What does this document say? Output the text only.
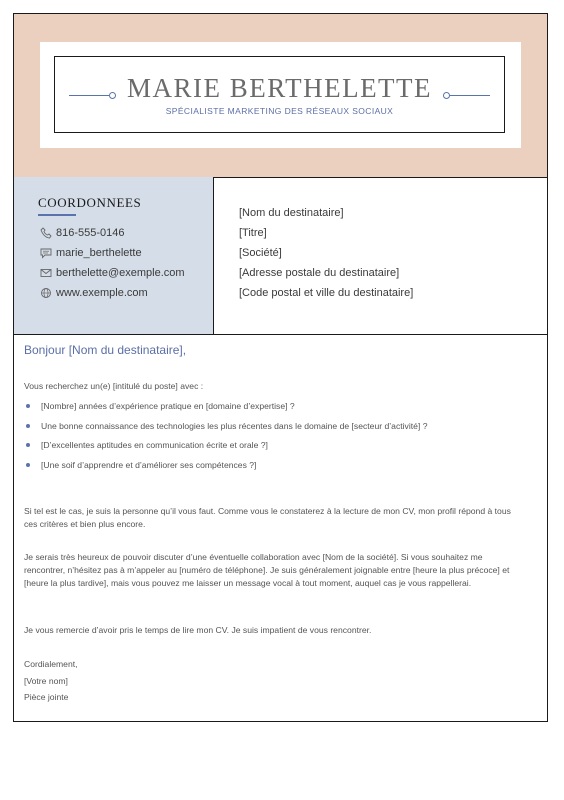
MARIE BERTHELETTE
SPÉCIALISTE MARKETING DES RÉSEAUX SOCIAUX
COORDONNEES
816-555-0146
marie_berthelette
berthelette@exemple.com
www.exemple.com
[Nom du destinataire]
[Titre]
[Société]
[Adresse postale du destinataire]
[Code postal et ville du destinataire]

Bonjour [Nom du destinataire],

Vous recherchez un(e) [intitulé du poste] avec :
[Nombre] années d’expérience pratique en [domaine d’expertise] ?
Une bonne connaissance des technologies les plus récentes dans le domaine de [secteur d’activité] ?
[D’excellentes aptitudes en communication écrite et orale ?]
[Une soif d’apprendre et d’améliorer ses compétences ?]
Si tel est le cas, je suis la personne qu’il vous faut. Comme vous le constaterez à la lecture de mon CV, mon profil répond à tous ces critères et bien plus encore.
Je serais très heureux de pouvoir discuter d’une éventuelle collaboration avec [Nom de la société]. Si vous souhaitez me rencontrer, n’hésitez pas à m’appeler au [numéro de téléphone]. Je suis généralement joignable entre [heure la plus précoce] et [heure la plus tardive], mais vous pouvez me laisser un message vocal à tout moment, auquel cas je vous rappellerai.
Je vous remercie d’avoir pris le temps de lire mon CV. Je suis impatient de vous rencontrer.
Cordialement,
[Votre nom]
Pièce jointe
